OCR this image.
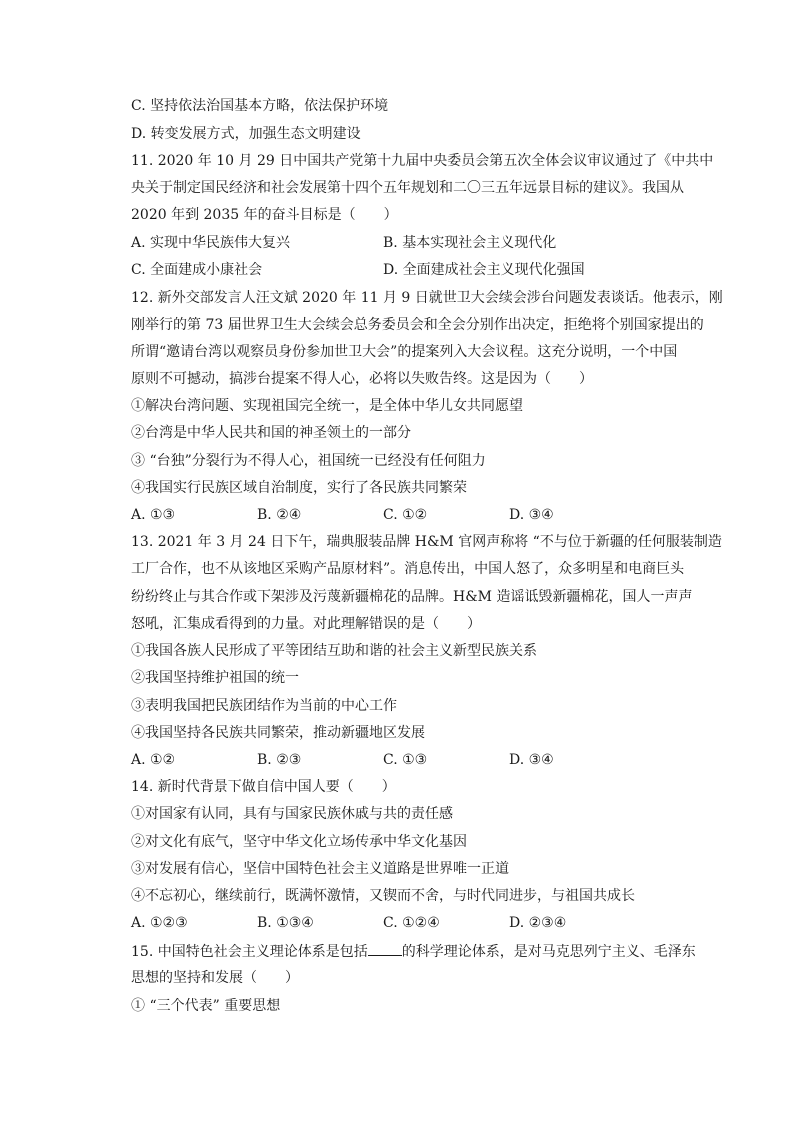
C. 坚持依法治国基本方略，依法保护环境
D. 转变发展方式，加强生态文明建设
11. 2020 年 10 月 29 日中国共产党第十九届中央委员会第五次全体会议审议通过了《中共中
央关于制定国民经济和社会发展第十四个五年规划和二〇三五年远景目标的建议》。我国从
2020 年到 2035 年的奋斗目标是（　　）
A. 实现中华民族伟大复兴	B. 基本实现社会主义现代化
C. 全面建成小康社会	D. 全面建成社会主义现代化强国
12. 新外交部发言人汪文斌 2020 年 11 月 9 日就世卫大会续会涉台问题发表谈话。他表示，刚
刚举行的第 73 届世界卫生大会续会总务委员会和全会分别作出决定，拒绝将个别国家提出的
所谓“邀请台湾以观察员身份参加世卫大会”的提案列入大会议程。这充分说明，一个中国
原则不可撼动，搞涉台提案不得人心，必将以失败告终。这是因为（　　）
①解决台湾问题、实现祖国完全统一，是全体中华儿女共同愿望
②台湾是中华人民共和国的神圣领土的一部分
③ “台独”分裂行为不得人心，祖国统一已经没有任何阻力
④我国实行民族区域自治制度，实行了各民族共同繁荣
A. ①③	B. ②④	C. ①②	D. ③④
13. 2021 年 3 月 24 日下午，瑞典服装品牌 H&M 官网声称将 “不与位于新疆的任何服装制造
工厂合作，也不从该地区采购产品原材料”。消息传出，中国人怒了，众多明星和电商巨头
纷纷终止与其合作或下架涉及污蔑新疆棉花的品牌。H&M 造谣诋毁新疆棉花，国人一声声
怒吼，汇集成看得到的力量。对此理解错误的是（　　）
①我国各族人民形成了平等团结互助和谐的社会主义新型民族关系
②我国坚持维护祖国的统一
③表明我国把民族团结作为当前的中心工作
④我国坚持各民族共同繁荣，推动新疆地区发展
A. ①②	B. ②③	C. ①③	D. ③④
14. 新时代背景下做自信中国人要（　　）
①对国家有认同，具有与国家民族休戚与共的责任感
②对文化有底气，坚守中华文化立场传承中华文化基因
③对发展有信心，坚信中国特色社会主义道路是世界唯一正道
④不忘初心，继续前行，既满怀激情，又锲而不舍，与时代同进步，与祖国共成长
A. ①②③	B. ①③④	C. ①②④	D. ②③④
15. 中国特色社会主义理论体系是包括 的科学理论体系，是对马克思列宁主义、毛泽东
思想的坚持和发展（　　）
① “三个代表” 重要思想
